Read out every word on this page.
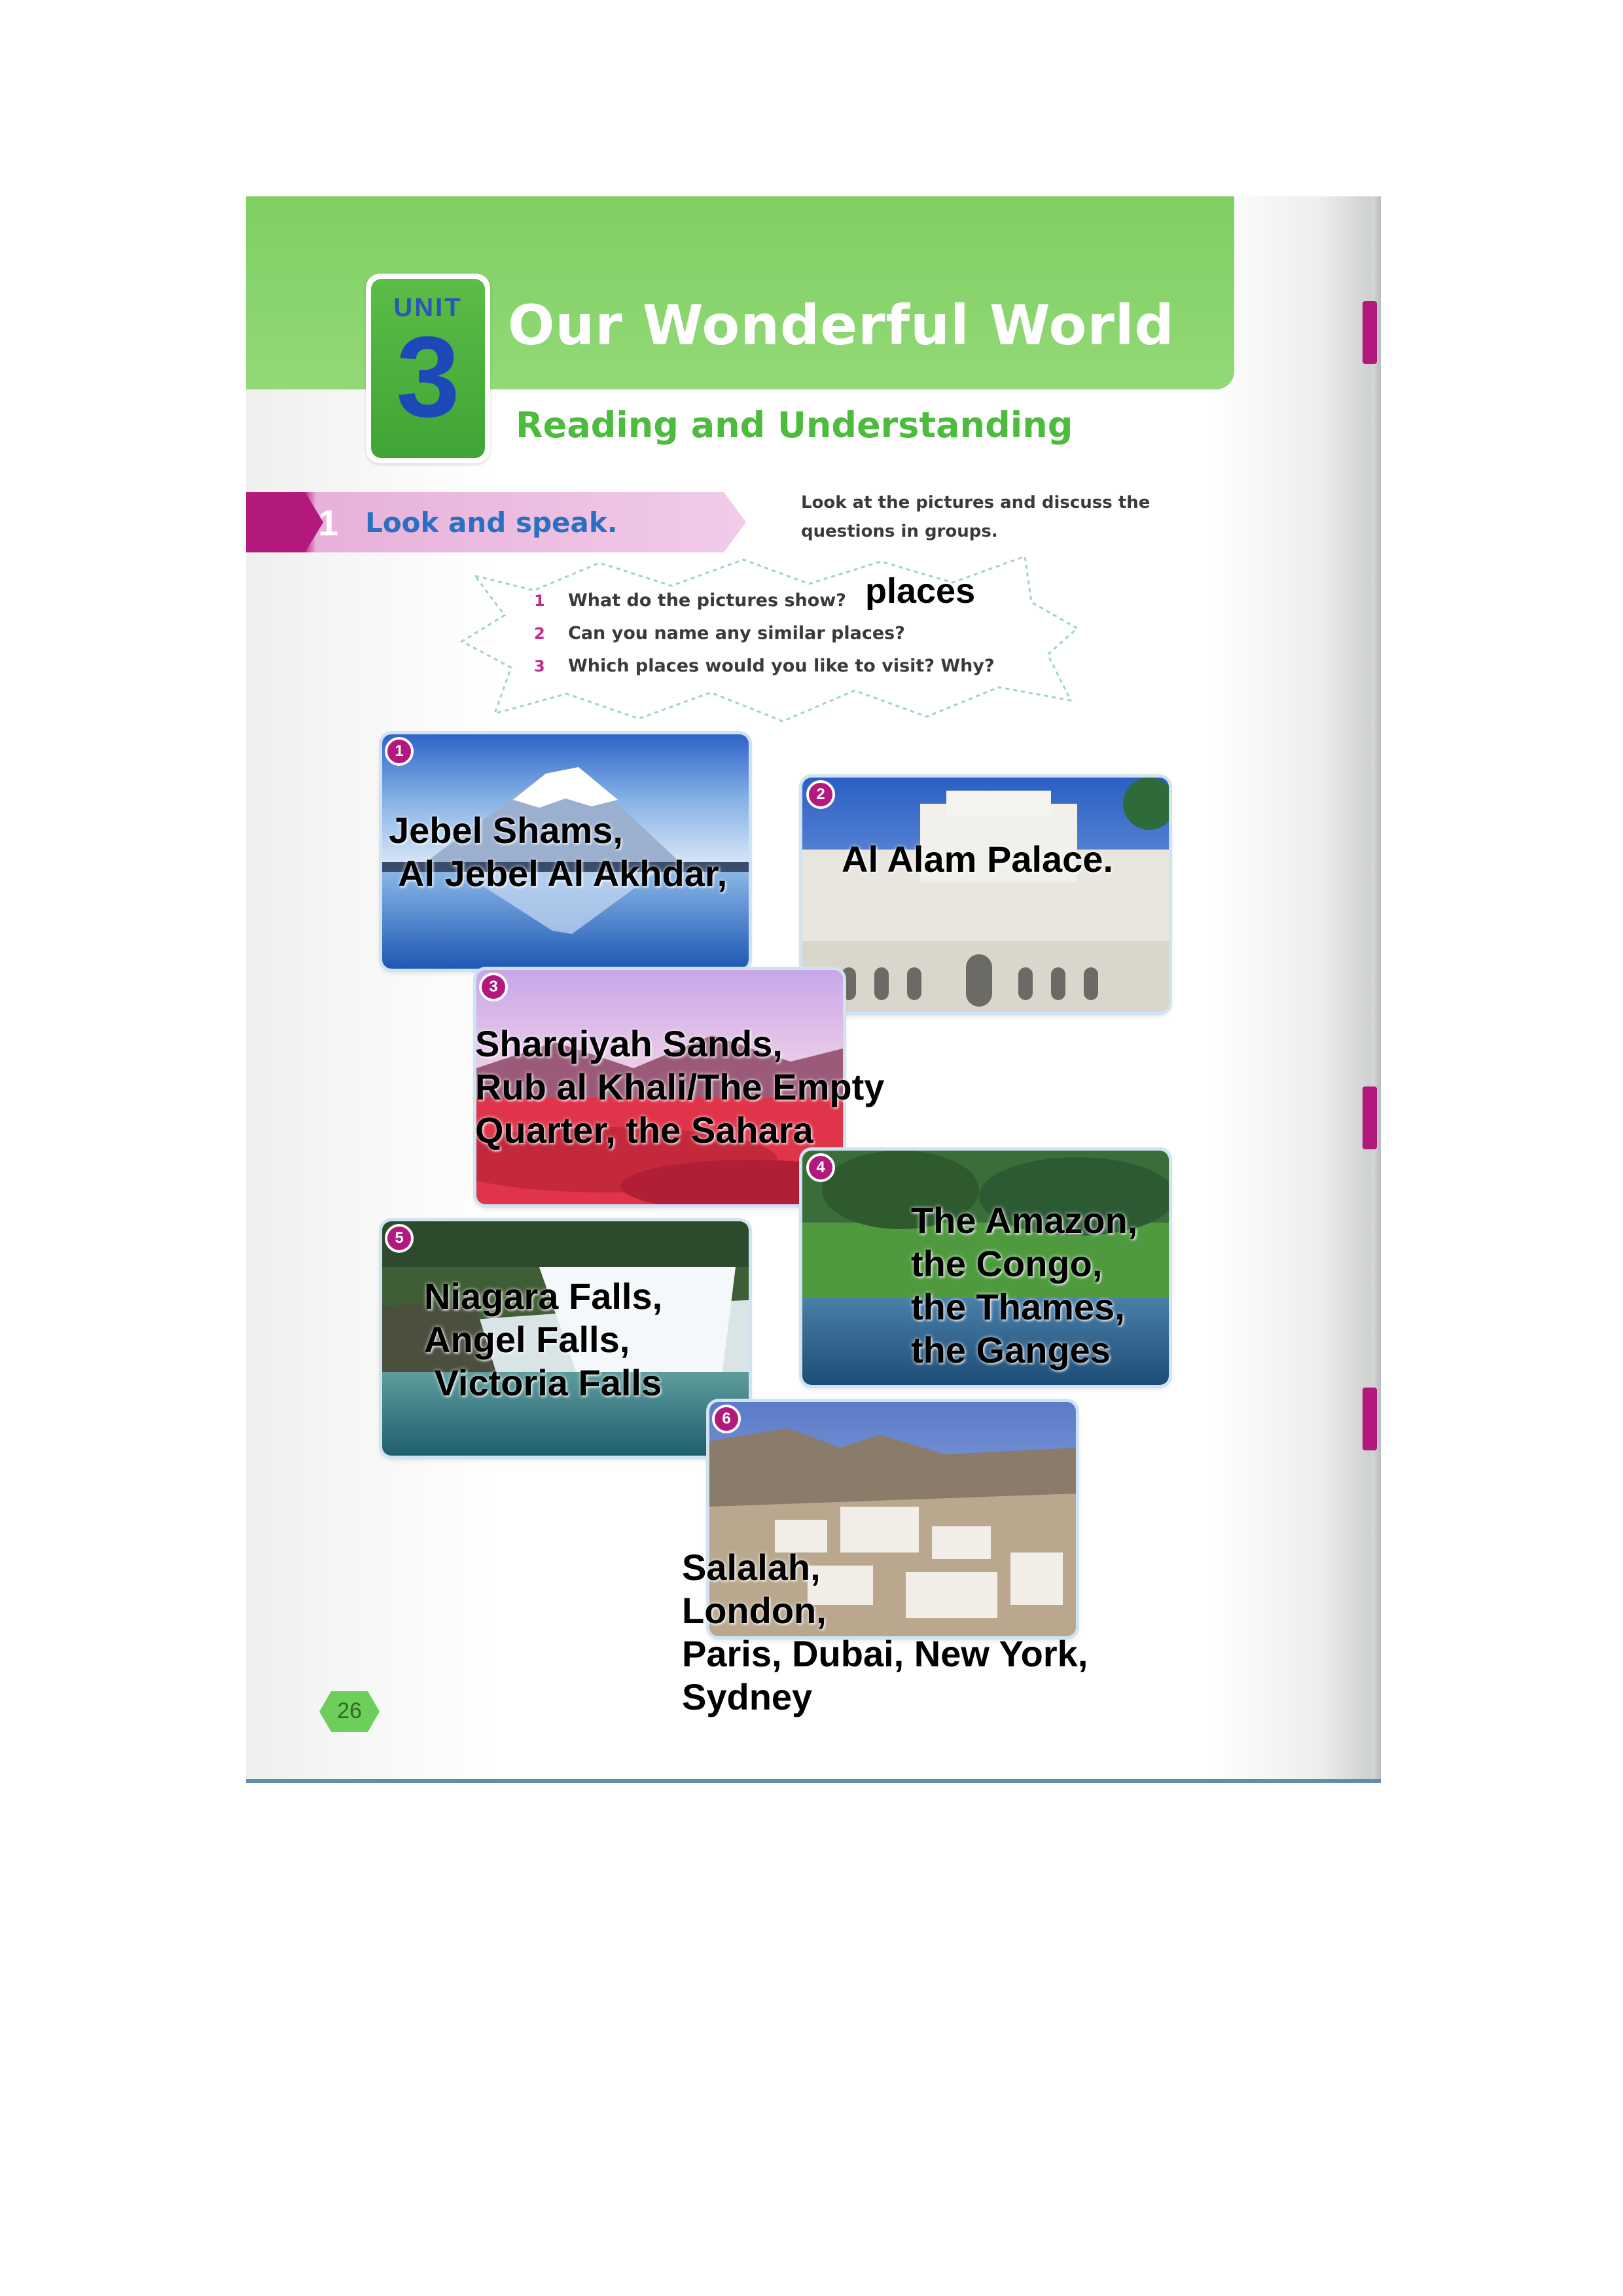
UNIT
3 Our Wonderful World
Reading and Understanding
1 Look and speak.
Look at the pictures and discuss the questions in groups.
1 What do the pictures show?
2 Can you name any similar places?
3 Which places would you like to visit? Why?
places
1
2
3
4
5
6
Jebel Shams,
Al Jebel Al Akhdar,	Al Alam Palace.
Sharqiyah Sands,
Rub al Khali/The Empty
Quarter, the Sahara
The Amazon,
the Congo,
the Thames,
the Ganges
Niagara Falls,
Angel Falls,
Victoria Falls
Salalah,
London,
Paris, Dubai, New York,
Sydney
26
